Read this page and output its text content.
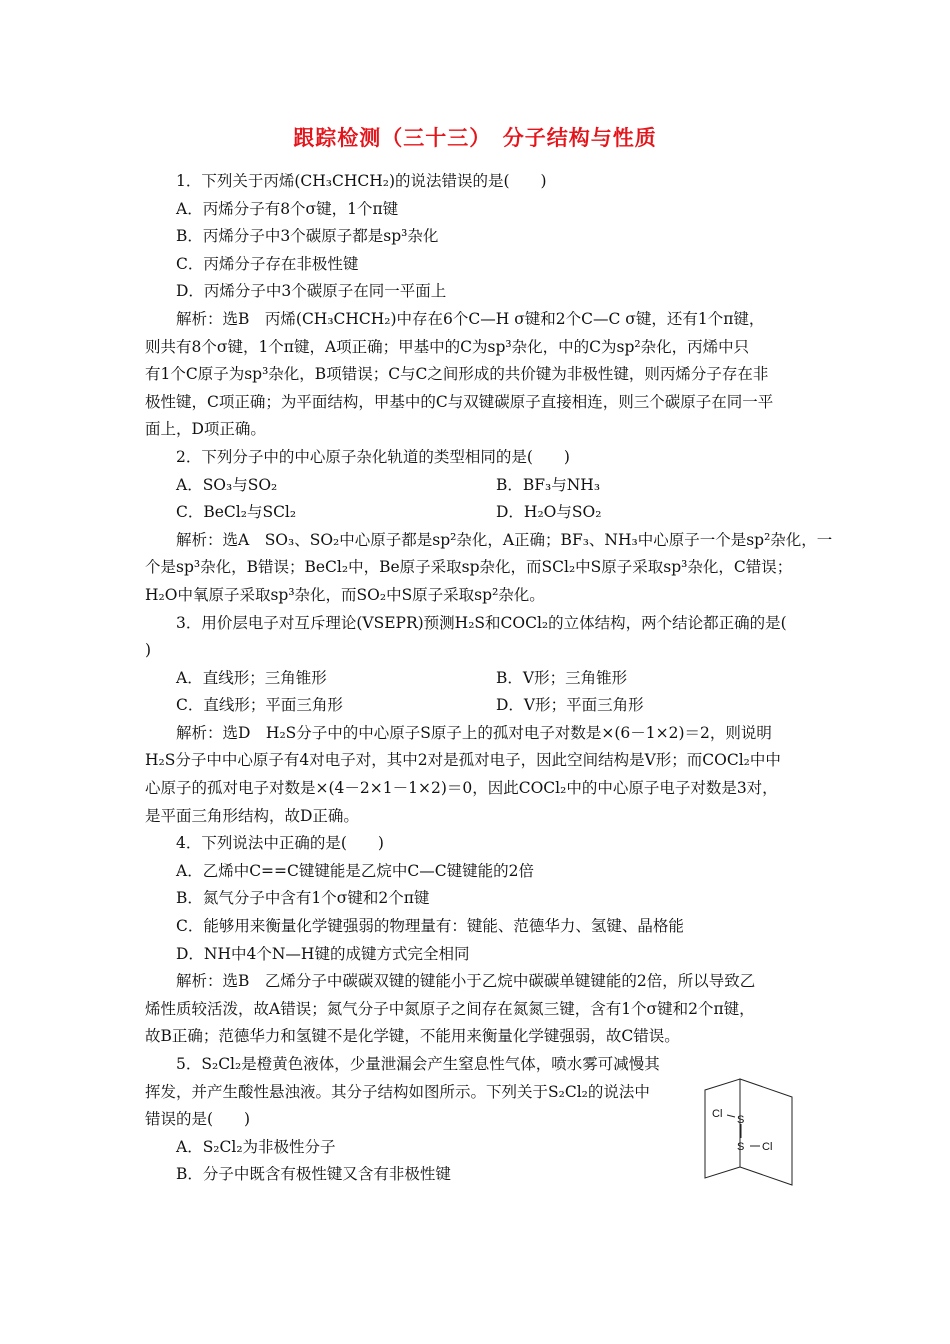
跟踪检测（三十三）　分子结构与性质
1．下列关于丙烯(CH₃CHCH₂)的说法错误的是(　　)
A．丙烯分子有8个σ键，1个π键
B．丙烯分子中3个碳原子都是sp³杂化
C．丙烯分子存在非极性键
D．丙烯分子中3个碳原子在同一平面上
解析：选B　丙烯(CH₃CHCH₂)中存在6个C—H σ键和2个C—C σ键，还有1个π键，
则共有8个σ键，1个π键，A项正确；甲基中的C为sp³杂化，中的C为sp²杂化，丙烯中只
有1个C原子为sp³杂化，B项错误；C与C之间形成的共价键为非极性键，则丙烯分子存在非
极性键，C项正确；为平面结构，甲基中的C与双键碳原子直接相连，则三个碳原子在同一平
面上，D项正确。
2．下列分子中的中心原子杂化轨道的类型相同的是(　　)
A．SO₃与SO₂	B．BF₃与NH₃
C．BeCl₂与SCl₂	D．H₂O与SO₂
解析：选A　SO₃、SO₂中心原子都是sp²杂化，A正确；BF₃、NH₃中心原子一个是sp²杂化，一
个是sp³杂化，B错误；BeCl₂中，Be原子采取sp杂化，而SCl₂中S原子采取sp³杂化，C错误；
H₂O中氧原子采取sp³杂化，而SO₂中S原子采取sp²杂化。
3．用价层电子对互斥理论(VSEPR)预测H₂S和COCl₂的立体结构，两个结论都正确的是(
)
A．直线形；三角锥形	B．V形；三角锥形
C．直线形；平面三角形	D．V形；平面三角形
解析：选D　H₂S分子中的中心原子S原子上的孤对电子对数是×(6－1×2)＝2，则说明
H₂S分子中中心原子有4对电子对，其中2对是孤对电子，因此空间结构是V形；而COCl₂中中
心原子的孤对电子对数是×(4－2×1－1×2)＝0，因此COCl₂中的中心原子电子对数是3对，
是平面三角形结构，故D正确。
4．下列说法中正确的是(　　)
A．乙烯中C==C键键能是乙烷中C—C键键能的2倍
B．氮气分子中含有1个σ键和2个π键
C．能够用来衡量化学键强弱的物理量有：键能、范德华力、氢键、晶格能
D．NH中4个N—H键的成键方式完全相同
解析：选B　乙烯分子中碳碳双键的键能小于乙烷中碳碳单键键能的2倍，所以导致乙
烯性质较活泼，故A错误；氮气分子中氮原子之间存在氮氮三键，含有1个σ键和2个π键，
故B正确；范德华力和氢键不是化学键，不能用来衡量化学键强弱，故C错误。
5．S₂Cl₂是橙黄色液体，少量泄漏会产生窒息性气体，喷水雾可减慢其
挥发，并产生酸性悬浊液。其分子结构如图所示。下列关于S₂Cl₂的说法中
错误的是(　　)
A．S₂Cl₂为非极性分子
B．分子中既含有极性键又含有非极性键
Cl S
S Cl
